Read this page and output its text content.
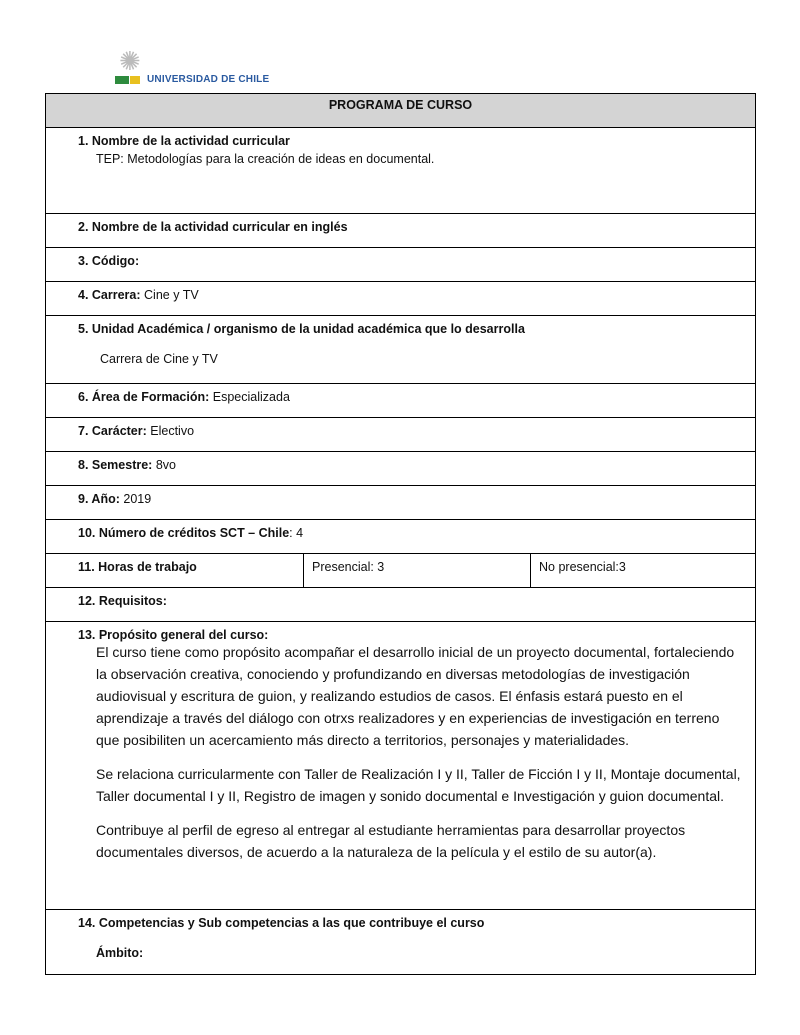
✺
UNIVERSIDAD DE CHILE
PROGRAMA DE CURSO
1. Nombre de la actividad curricular
TEP: Metodologías para la creación de ideas en documental.
2. Nombre de la actividad curricular en inglés
3. Código:
4. Carrera: Cine y TV
5. Unidad Académica / organismo de la unidad académica que lo desarrolla
Carrera de Cine y TV
6. Área de Formación: Especializada
7. Carácter: Electivo
8. Semestre: 8vo
9. Año: 2019
10. Número de créditos SCT – Chile: 4
11. Horas de trabajo	Presencial: 3	No presencial:3
12. Requisitos:
13. Propósito general del curso:

El curso tiene como propósito acompañar el desarrollo inicial de un proyecto documental, fortaleciendo la observación creativa, conociendo y profundizando en diversas metodologías de investigación audiovisual y escritura de guion, y realizando estudios de casos. El énfasis estará puesto en el aprendizaje a través del diálogo con otrxs realizadores y en experiencias de investigación en terreno que posibiliten un acercamiento más directo a territorios, personajes y materialidades.

Se relaciona curricularmente con Taller de Realización I y II, Taller de Ficción I y II, Montaje documental, Taller documental I y II, Registro de imagen y sonido documental e Investigación y guion documental.

Contribuye al perfil de egreso al entregar al estudiante herramientas para desarrollar proyectos documentales diversos, de acuerdo a la naturaleza de la película y el estilo de su autor(a).

14. Competencias y Sub competencias a las que contribuye el curso
Ámbito:
